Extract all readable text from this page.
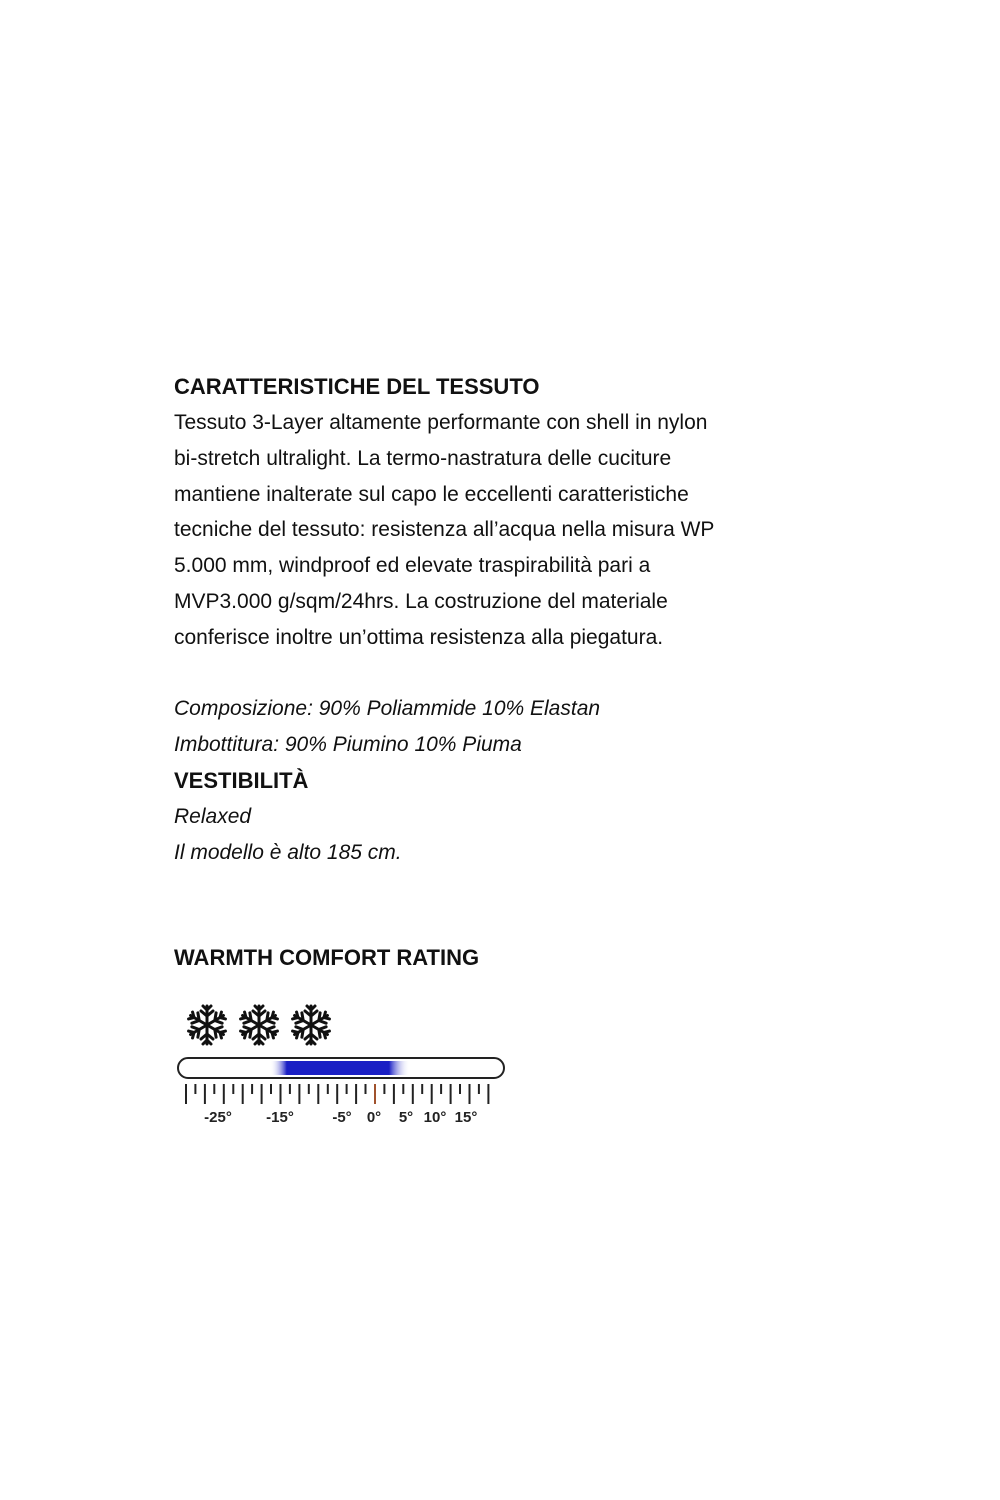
CARATTERISTICHE DEL TESSUTO

Tessuto 3-Layer altamente performante con shell in nylon

bi-stretch ultralight. La termo-nastratura delle cuciture

mantiene inalterate sul capo le eccellenti caratteristiche

tecniche del tessuto: resistenza all’acqua nella misura WP

5.000 mm, windproof ed elevate traspirabilità pari a

MVP3.000 g/sqm/24hrs. La costruzione del materiale

conferisce inoltre un’ottima resistenza alla piegatura.

Composizione: 90% Poliammide 10% Elastan

Imbottitura: 90% Piumino 10% Piuma

VESTIBILITÀ

Relaxed

Il modello è alto 185 cm.

WARMTH COMFORT RATING

-25° -15°	-5° 0° 5° 10° 15°
